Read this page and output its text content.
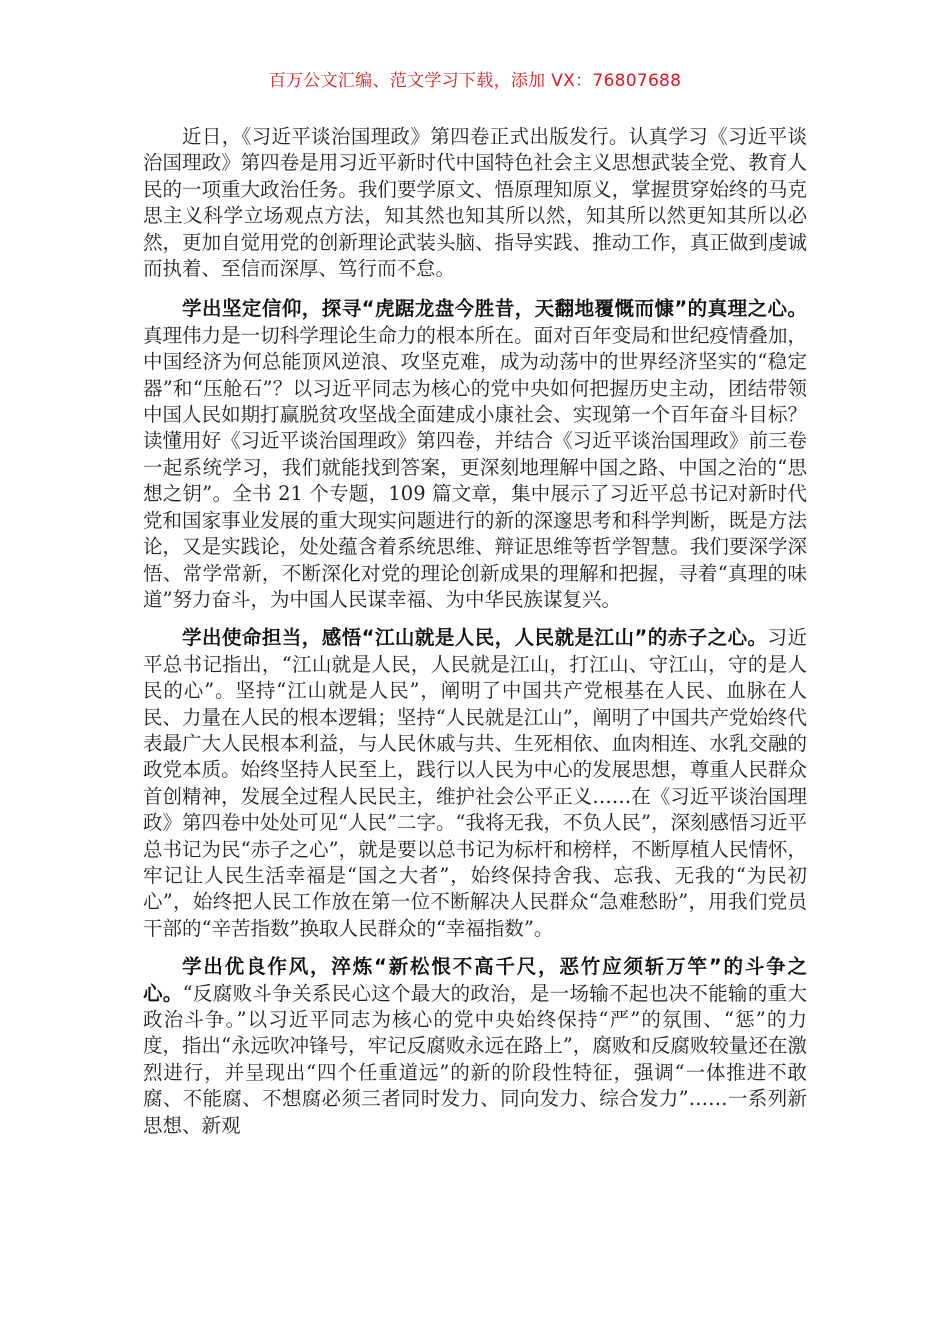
百万公文汇编、范文学习下载，添加 VX：76807688

近日，《习近平谈治国理政》第四卷正式出版发行。认真学习《习近平谈治国理政》第四卷是用习近平新时代中国特色社会主义思想武装全党、教育人民的一项重大政治任务。我们要学原文、悟原理知原义，掌握贯穿始终的马克思主义科学立场观点方法，知其然也知其所以然，知其所以然更知其所以必然，更加自觉用党的创新理论武装头脑、指导实践、推动工作，真正做到虔诚而执着、至信而深厚、笃行而不怠。

学出坚定信仰，探寻“虎踞龙盘今胜昔，天翻地覆慨而慷”的真理之心。真理伟力是一切科学理论生命力的根本所在。面对百年变局和世纪疫情叠加，中国经济为何总能顶风逆浪、攻坚克难，成为动荡中的世界经济坚实的“稳定器”和“压舱石”？以习近平同志为核心的党中央如何把握历史主动，团结带领中国人民如期打赢脱贫攻坚战全面建成小康社会、实现第一个百年奋斗目标？读懂用好《习近平谈治国理政》第四卷，并结合《习近平谈治国理政》前三卷一起系统学习，我们就能找到答案，更深刻地理解中国之路、中国之治的“思想之钥”。全书 21 个专题，109 篇文章，集中展示了习近平总书记对新时代党和国家事业发展的重大现实问题进行的新的深邃思考和科学判断，既是方法论，又是实践论，处处蕴含着系统思维、辩证思维等哲学智慧。我们要深学深悟、常学常新，不断深化对党的理论创新成果的理解和把握，寻着“真理的味道”努力奋斗，为中国人民谋幸福、为中华民族谋复兴。

学出使命担当，感悟“江山就是人民，人民就是江山”的赤子之心。习近平总书记指出，“江山就是人民，人民就是江山，打江山、守江山，守的是人民的心”。坚持“江山就是人民”，阐明了中国共产党根基在人民、血脉在人民、力量在人民的根本逻辑；坚持“人民就是江山”，阐明了中国共产党始终代表最广大人民根本利益，与人民休戚与共、生死相依、血肉相连、水乳交融的政党本质。始终坚持人民至上，践行以人民为中心的发展思想，尊重人民群众首创精神，发展全过程人民民主，维护社会公平正义……在《习近平谈治国理政》第四卷中处处可见“人民”二字。“我将无我，不负人民”，深刻感悟习近平总书记为民“赤子之心”，就是要以总书记为标杆和榜样，不断厚植人民情怀，牢记让人民生活幸福是“国之大者”，始终保持舍我、忘我、无我的“为民初心”，始终把人民工作放在第一位不断解决人民群众“急难愁盼”，用我们党员干部的“辛苦指数”换取人民群众的“幸福指数”。

学出优良作风，淬炼“新松恨不高千尺，恶竹应须斩万竿”的斗争之心。“反腐败斗争关系民心这个最大的政治，是一场输不起也决不能输的重大政治斗争。”以习近平同志为核心的党中央始终保持“严”的氛围、“惩”的力度，指出“永远吹冲锋号，牢记反腐败永远在路上”，腐败和反腐败较量还在激烈进行，并呈现出“四个任重道远”的新的阶段性特征，强调“一体推进不敢腐、不能腐、不想腐必须三者同时发力、同向发力、综合发力”……一系列新思想、新观
